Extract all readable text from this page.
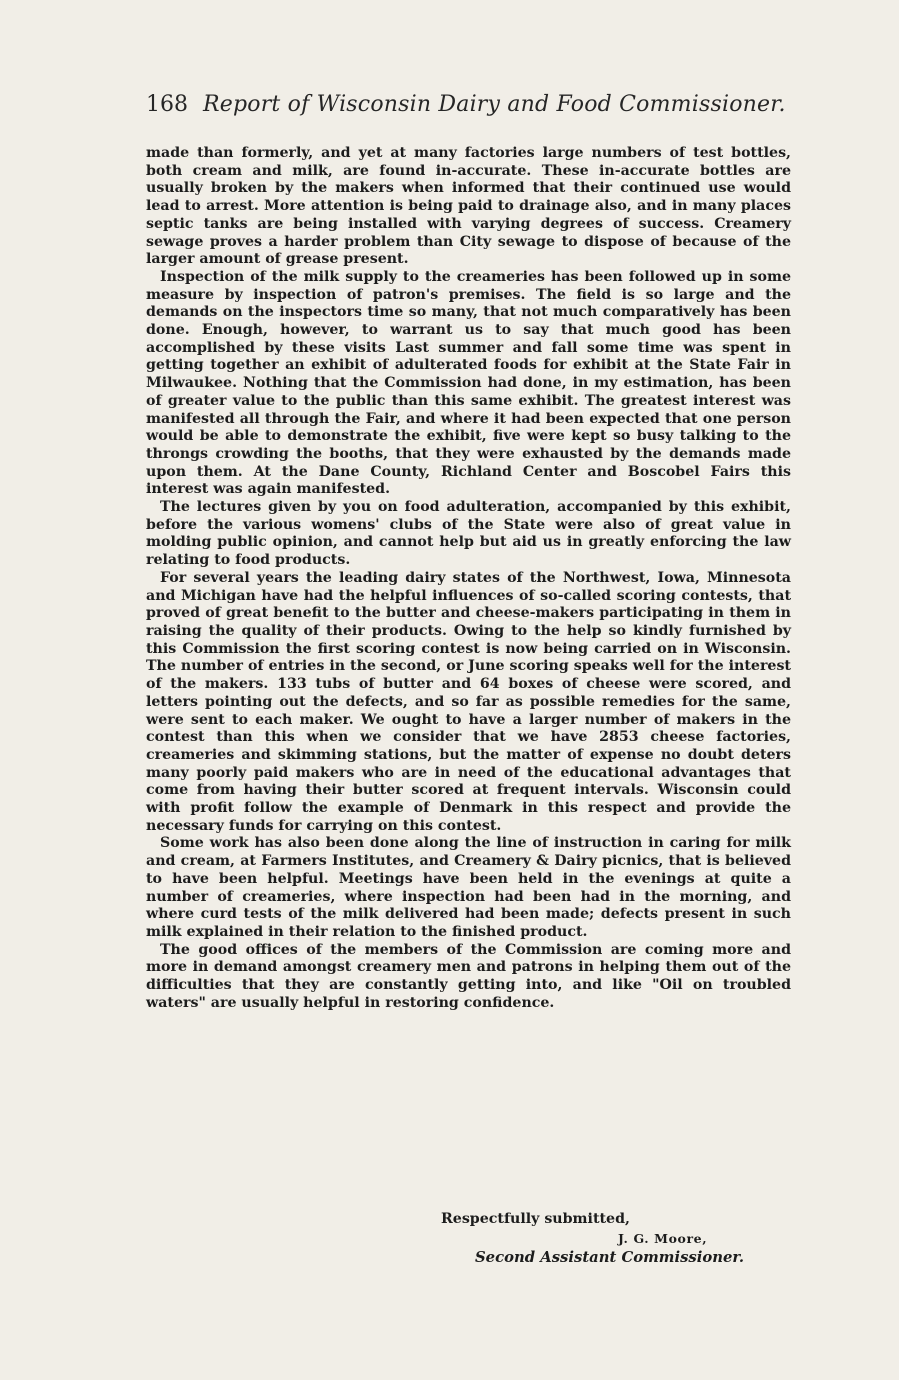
168 Report of Wisconsin Dairy and Food Commissioner.

made than formerly, and yet at many factories large numbers of test bottles, both cream and milk, are found in-accurate. These in-accurate bottles are usually broken by the makers when informed that their continued use would lead to arrest. More attention is being paid to drainage also, and in many places septic tanks are being installed with varying degrees of success. Creamery sewage proves a harder problem than City sewage to dispose of because of the larger amount of grease present.

Inspection of the milk supply to the creameries has been followed up in some measure by inspection of patron's premises. The field is so large and the demands on the inspectors time so many, that not much comparatively has been done. Enough, however, to warrant us to say that much good has been accomplished by these visits Last summer and fall some time was spent in getting together an exhibit of adulterated foods for exhibit at the State Fair in Milwaukee. Nothing that the Commission had done, in my estimation, has been of greater value to the public than this same exhibit. The greatest interest was manifested all through the Fair, and where it had been expected that one person would be able to demonstrate the exhibit, five were kept so busy talking to the throngs crowding the booths, that they were exhausted by the demands made upon them. At the Dane County, Richland Center and Boscobel Fairs this interest was again manifested.

The lectures given by you on food adulteration, accompanied by this exhibit, before the various womens' clubs of the State were also of great value in molding public opinion, and cannot help but aid us in greatly enforcing the law relating to food products.

For several years the leading dairy states of the Northwest, Iowa, Minnesota and Michigan have had the helpful influences of so-called scoring contests, that proved of great benefit to the butter and cheese-makers participating in them in raising the quality of their products. Owing to the help so kindly furnished by this Commission the first scoring contest is now being carried on in Wisconsin. The number of entries in the second, or June scoring speaks well for the interest of the makers. 133 tubs of butter and 64 boxes of cheese were scored, and letters pointing out the defects, and so far as possible remedies for the same, were sent to each maker. We ought to have a larger number of makers in the contest than this when we consider that we have 2853 cheese factories, creameries and skimming stations, but the matter of expense no doubt deters many poorly paid makers who are in need of the educational advantages that come from having their butter scored at frequent intervals. Wisconsin could with profit follow the example of Denmark in this respect and provide the necessary funds for carrying on this contest.

Some work has also been done along the line of instruction in caring for milk and cream, at Farmers Institutes, and Creamery & Dairy picnics, that is believed to have been helpful. Meetings have been held in the evenings at quite a number of creameries, where inspection had been had in the morning, and where curd tests of the milk delivered had been made; defects present in such milk explained in their relation to the finished product.

The good offices of the members of the Commission are coming more and more in demand amongst creamery men and patrons in helping them out of the difficulties that they are constantly getting into, and like "Oil on troubled waters" are usually helpful in restoring confidence.

Respectfully submitted,
J. G. Moore,
Second Assistant Commissioner.
